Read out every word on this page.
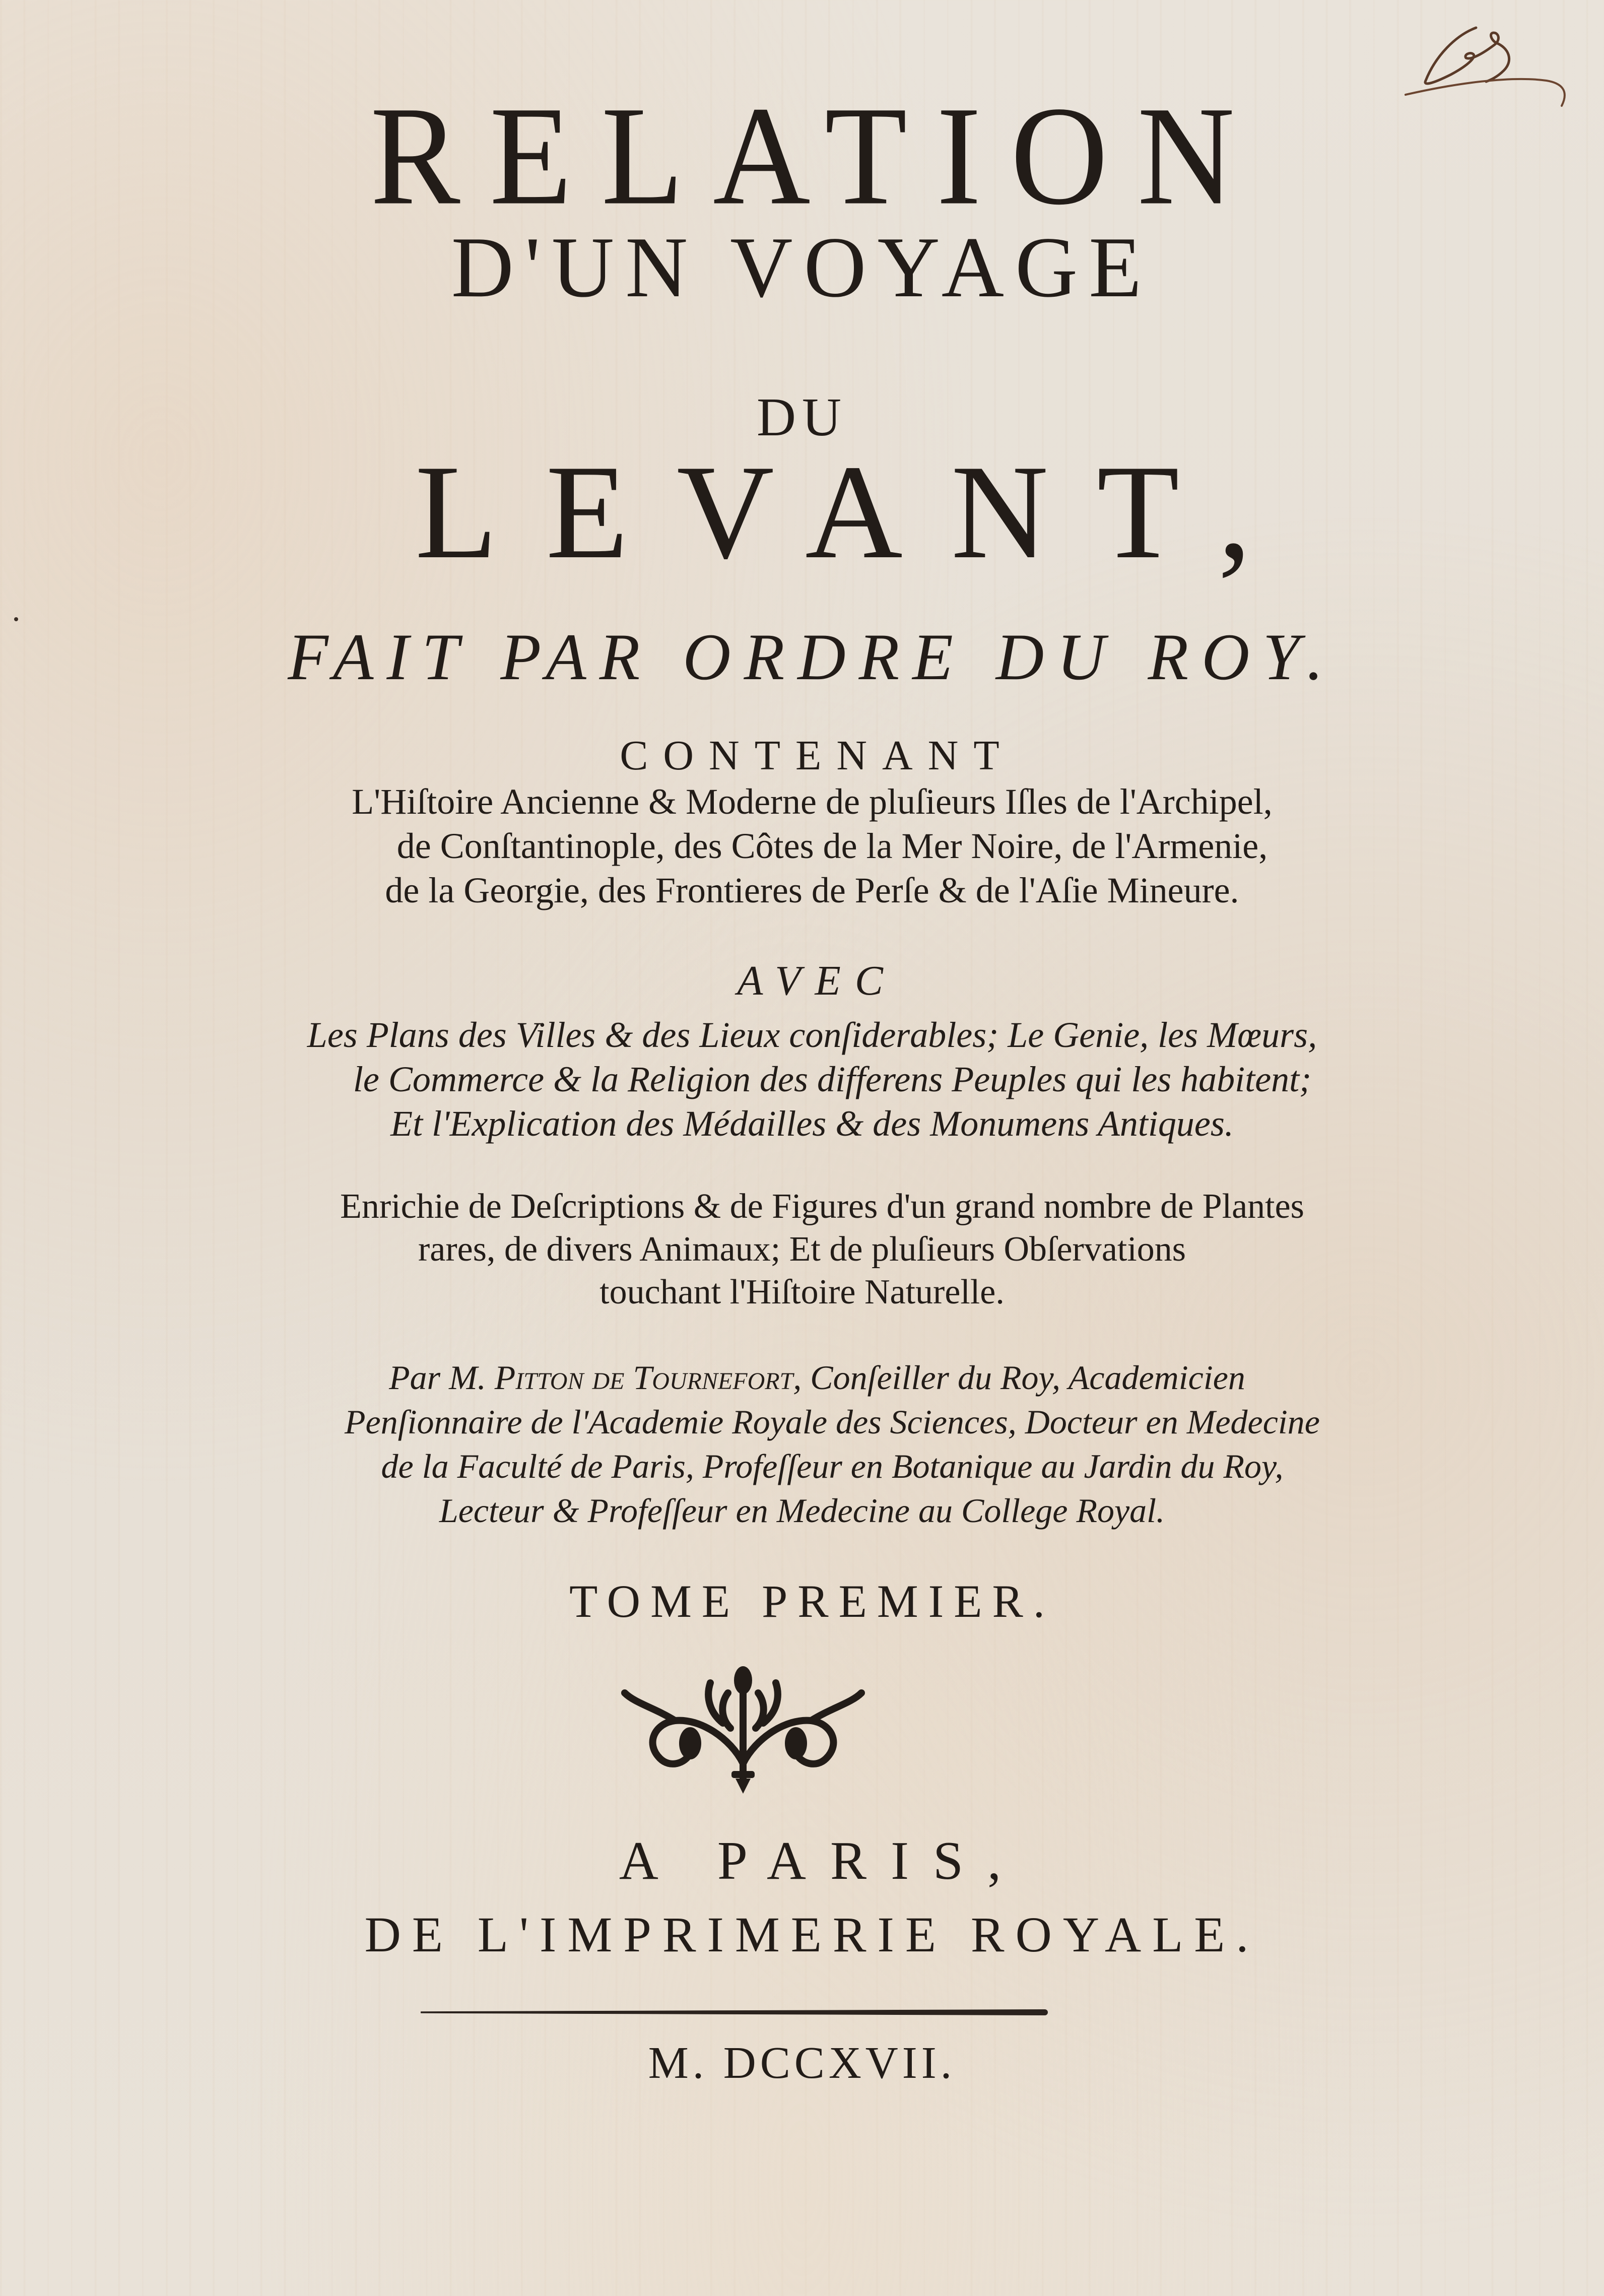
RELATION
D'UN VOYAGE
DU
LEVANT,
FAIT PAR ORDRE DU ROY.
CONTENANT
L'Hiſtoire Ancienne & Moderne de pluſieurs Iſles de l'Archipel,
de Conſtantinople, des Côtes de la Mer Noire, de l'Armenie,
de la Georgie, des Frontieres de Perſe & de l'Aſie Mineure.
AVEC
Les Plans des Villes & des Lieux conſiderables; Le Genie, les Mœurs,
le Commerce & la Religion des differens Peuples qui les habitent;
Et l'Explication des Médailles & des Monumens Antiques.
Enrichie de Deſcriptions & de Figures d'un grand nombre de Plantes
rares, de divers Animaux; Et de pluſieurs Obſervations
touchant l'Hiſtoire Naturelle.
Par M. Pitton de Tournefort, Conſeiller du Roy, Academicien
Penſionnaire de l'Academie Royale des Sciences, Docteur en Medecine
de la Faculté de Paris, Profeſſeur en Botanique au Jardin du Roy,
Lecteur & Profeſſeur en Medecine au College Royal.
TOME PREMIER.
A PARIS,
DE L'IMPRIMERIE ROYALE.
M. DCCXVII.
